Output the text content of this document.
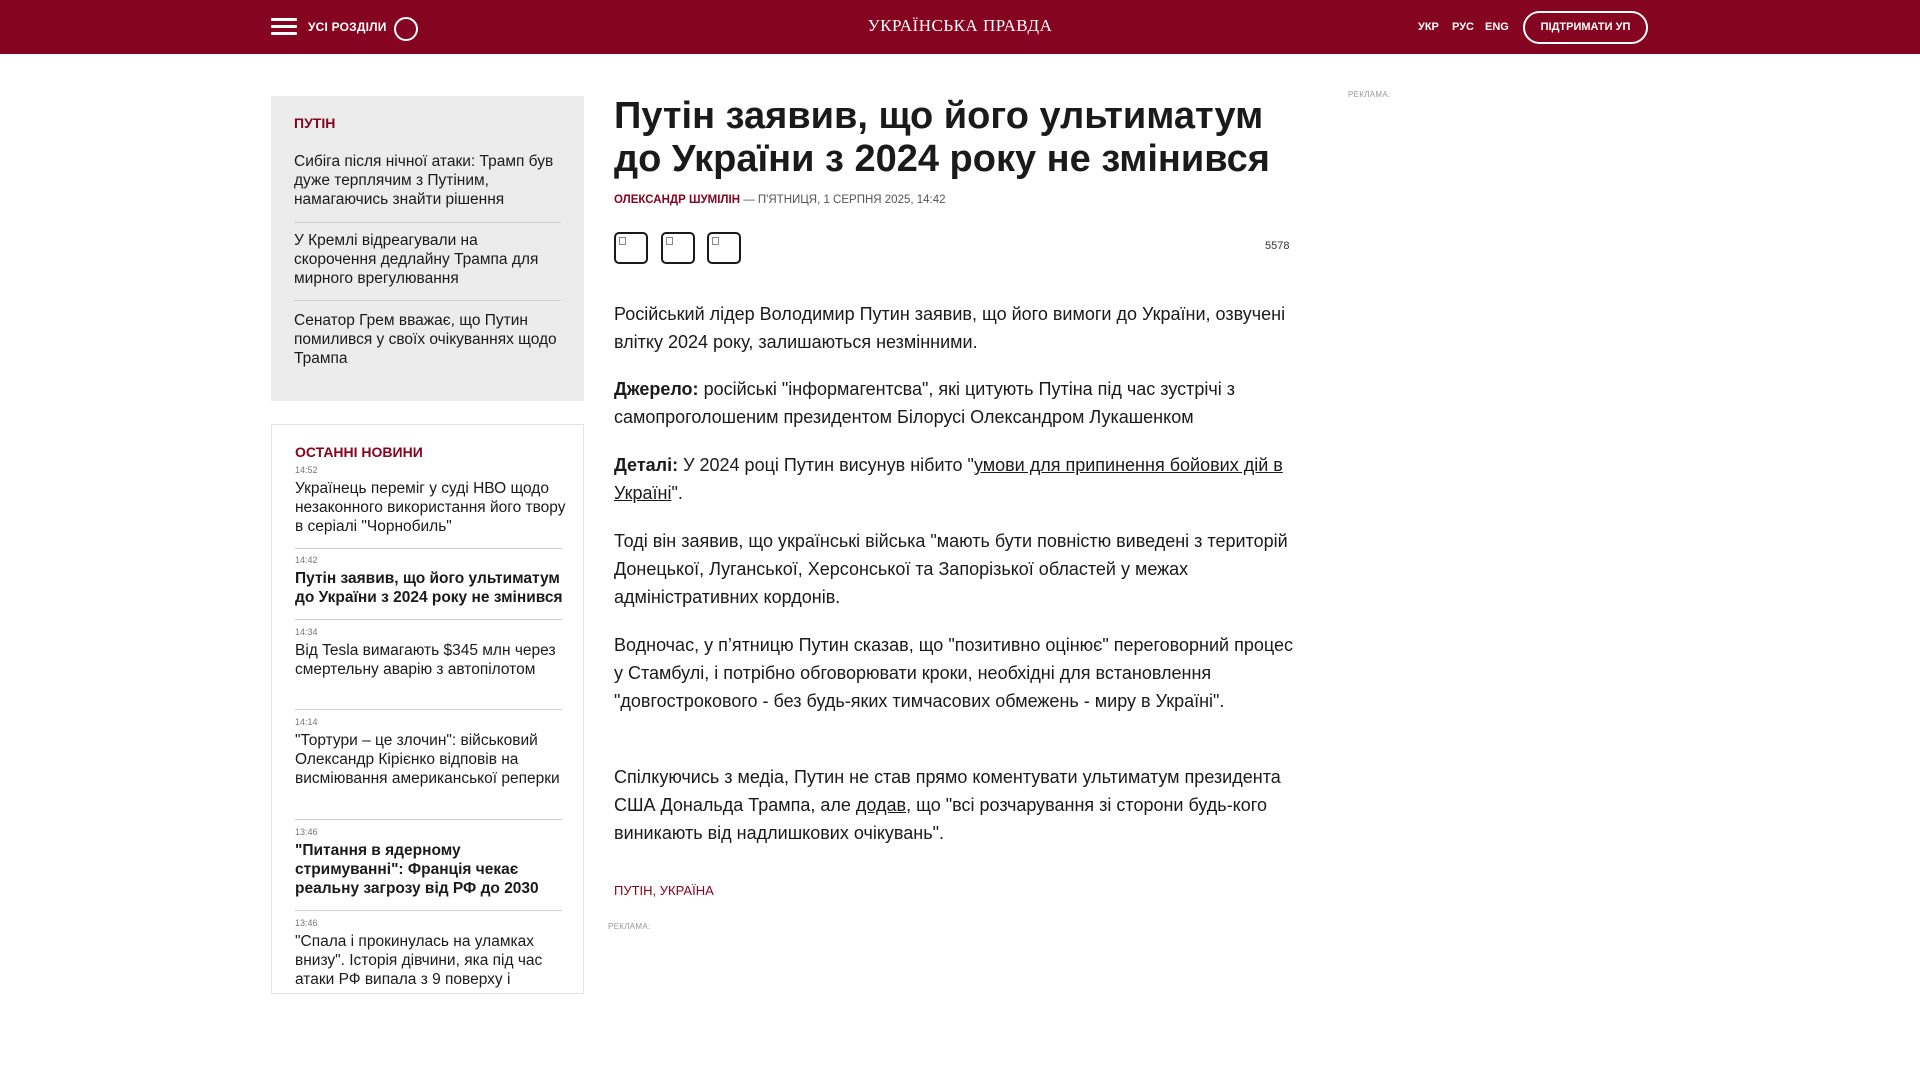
УСІ РОЗДІЛИ	УКРАЇНСЬКА ПРАВДА	УКР РУС ENG	ПІДТРИМАТИ УП
ПУТІН
Сибіга після нічної атаки: Трамп був дуже терплячим з Путіним, намагаючись знайти рішення
У Кремлі відреагували на скорочення дедлайну Трампа для мирного врегулювання
Сенатор Грем вважає, що Путин помилився у своїх очікуваннях щодо Трампа
ОСТАННІ НОВИНИ
14:52
Українець переміг у суді НВО щодо незаконного використання його твору в серіалі "Чорнобиль"
14:42
Путін заявив, що його ультиматум до України з 2024 року не змінився
14:34
Від Tesla вимагають $345 млн через смертельну аварію з автопілотом
14:14
"Тортури – це злочин": військовий Олександр Кірієнко відповів на висміювання американської реперки
13:46
"Питання в ядерному стримуванні": Франція чекає реальну загрозу від РФ до 2030
13:46
"Спала і прокинулась на уламках внизу". Історія дівчини, яка під час атаки РФ випала з 9 поверху і
Путін заявив, що його ультиматум до України з 2024 року не змінився
ОЛЕКСАНДР ШУМІЛІН — П'ЯТНИЦЯ, 1 СЕРПНЯ 2025, 14:42
5578

Російський лідер Володимир Путин заявив, що його вимоги до України, озвучені влітку 2024 року, залишаються незмінними.

Джерело: російські "інформагентсва", які цитують Путіна під час зустрічі з самопроголошеним президентом Білорусі Олександром Лукашенком

Деталі: У 2024 році Путин висунув нібито "умови для припинення бойових дій в Україні".

Тоді він заявив, що українські війська "мають бути повністю виведені з територій Донецької, Луганської, Херсонської та Запорізької областей у межах адміністративних кордонів.

Водночас, у п’ятницю Путин сказав, що "позитивно оцінює" переговорний процес у Стамбулі, і потрібно обговорювати кроки, необхідні для встановлення "довгострокового - без будь-яких тимчасових обмежень - миру в Україні".

Спілкуючись з медіа, Путин не став прямо коментувати ультиматум президента США Дональда Трампа, але додав, що "всі розчарування зі сторони будь-кого виникають від надлишкових очікувань".

ПУТІН, УКРАЇНА
РЕКЛАМА:
РЕКЛАМА:
